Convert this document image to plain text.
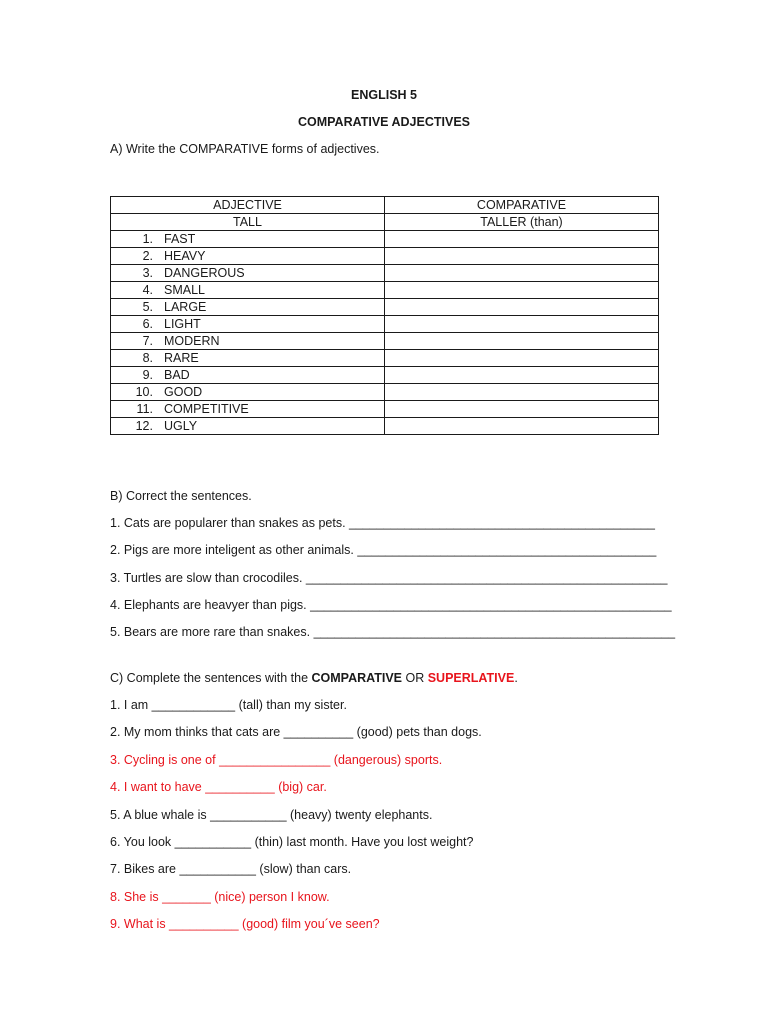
ENGLISH 5
COMPARATIVE ADJECTIVES
A) Write the COMPARATIVE forms of adjectives.
ADJECTIVE	COMPARATIVE
TALL	TALLER (than)
1. FAST	
2. HEAVY	
3. DANGEROUS	
4. SMALL	
5. LARGE	
6. LIGHT	
7. MODERN	
8. RARE	
9. BAD	
10. GOOD	
11. COMPETITIVE	
12. UGLY	
B) Correct the sentences.
1. Cats are popularer than snakes as pets. ____________________________________________
2. Pigs are more inteligent as other animals. ___________________________________________
3. Turtles are slow than crocodiles. ____________________________________________________
4. Elephants are heavyer than pigs. ____________________________________________________
5. Bears are more rare than snakes. ____________________________________________________
C) Complete the sentences with the COMPARATIVE OR SUPERLATIVE.
1. I am ____________ (tall) than my sister.
2. My mom thinks that cats are __________ (good) pets than dogs.
3. Cycling is one of ________________ (dangerous) sports.
4. I want to have __________ (big) car.
5. A blue whale is ___________ (heavy) twenty elephants.
6. You look ___________ (thin) last month. Have you lost weight?
7. Bikes are ___________ (slow) than cars.
8. She is _______ (nice) person I know.
9. What is __________ (good) film you´ve seen?
